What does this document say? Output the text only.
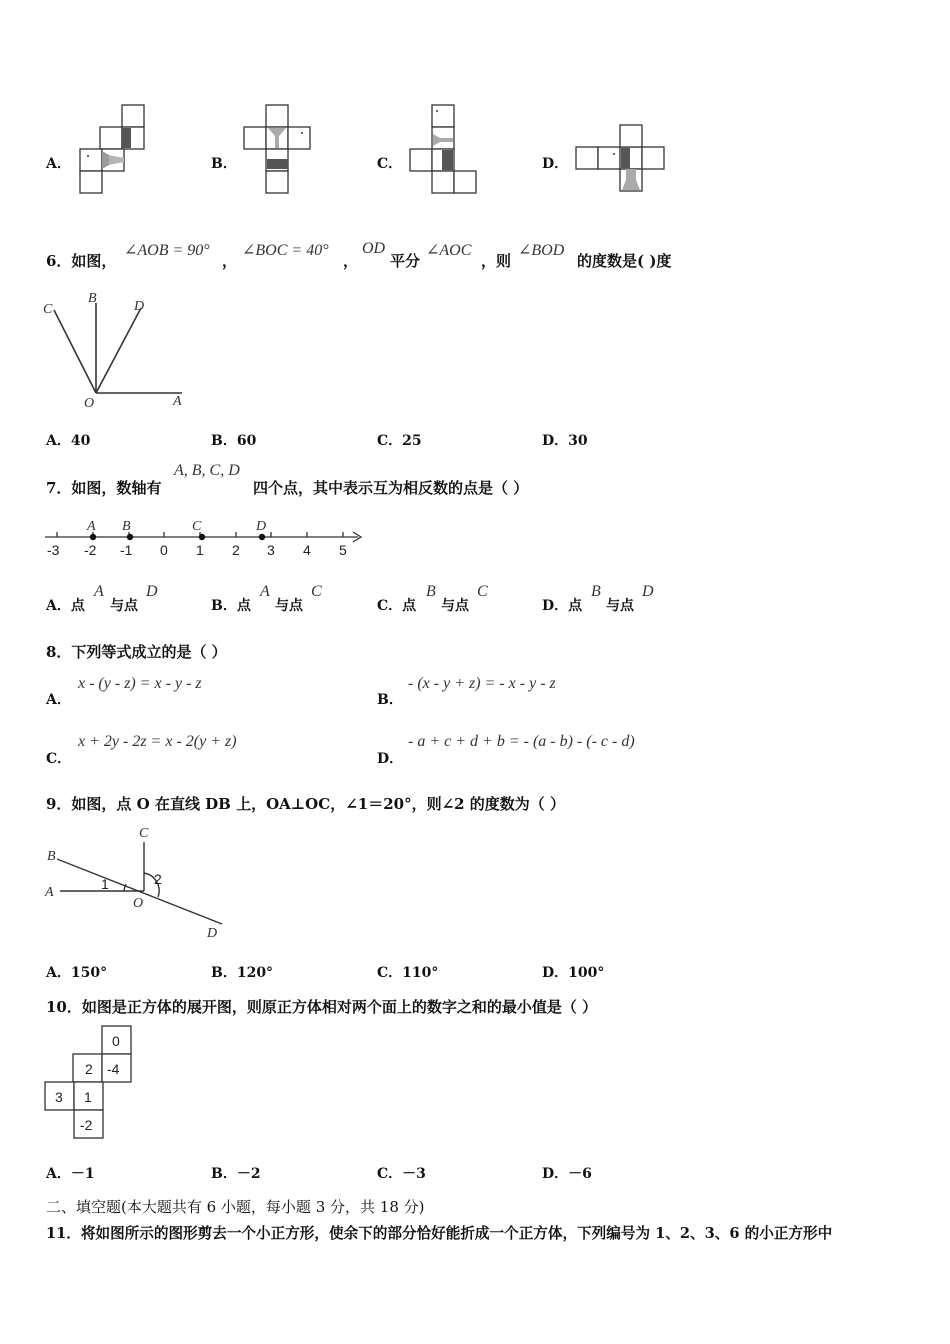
A．	B．	C．	D．
6．如图，
∠AOB = 90°
，
∠BOC = 40°
，
OD
平分
∠AOC
，则
∠BOD
的度数是( )度
C
B
D
O	A
A．40	B．60	C．25	D．30
7．如图，数轴有
A, B, C, D
四个点，其中表示互为相反数的点是（ ）
A B	C	D
-3 -2 -1 0 1 2 3 4 5
A．点
A
与点
D
B．点
A
与点
C
C．点
B
与点
C
D．点
B
与点
D
8．下列等式成立的是（ ）
A．
x - (y - z) = x - y - z
B．
- (x - y + z) = - x - y - z
C．
x + 2y - 2z = x - 2(y + z)
D．
- a + c + d + b = - (a - b) - (- c - d)
9．如图，点 O 在直线 DB 上，OA⊥OC，∠1＝20°，则∠2 的度数为（ ）
C
B
A
O
D
1	2
A．150°	B．120°	C．110°	D．100°
10．如图是正方体的展开图，则原正方体相对两个面上的数字之和的最小值是（ ）
0
2 -4
3 1
-2
A．－1	B．－2	C．－3	D．－6
二、填空题(本大题共有 6 小题，每小题 3 分，共 18 分)
11．将如图所示的图形剪去一个小正方形，使余下的部分恰好能折成一个正方体，下列编号为 1、2、3、6 的小正方形中
